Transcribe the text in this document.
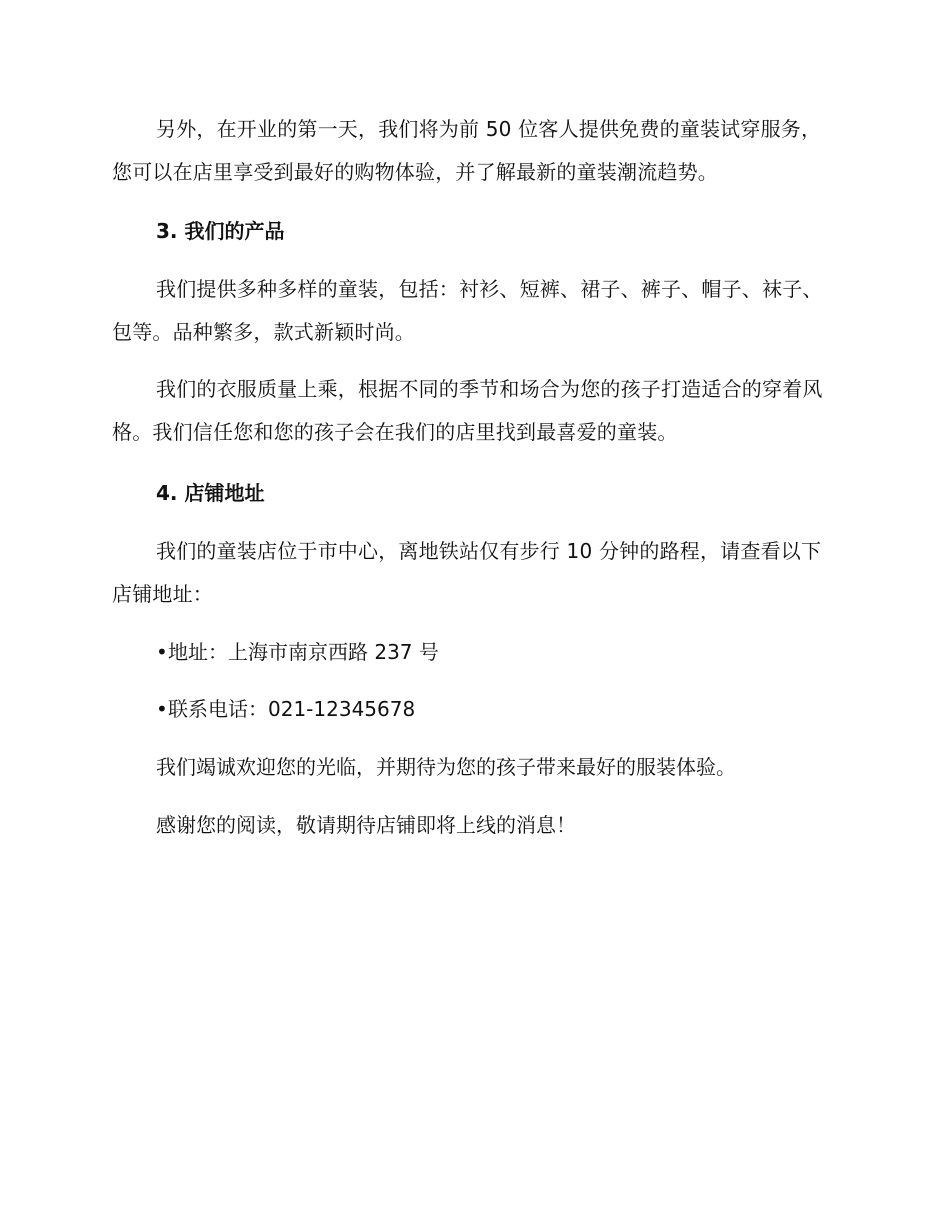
另外，在开业的第一天，我们将为前 50 位客人提供免费的童装试穿服务，您可以在店里享受到最好的购物体验，并了解最新的童装潮流趋势。

3. 我们的产品

我们提供多种多样的童装，包括：衬衫、短裤、裙子、裤子、帽子、袜子、包等。品种繁多，款式新颖时尚。

我们的衣服质量上乘，根据不同的季节和场合为您的孩子打造适合的穿着风格。我们信任您和您的孩子会在我们的店里找到最喜爱的童装。

4. 店铺地址

我们的童装店位于市中心，离地铁站仅有步行 10 分钟的路程，请查看以下店铺地址：

•地址：上海市南京西路 237 号
•联系电话：021-12345678
我们竭诚欢迎您的光临，并期待为您的孩子带来最好的服装体验。
感谢您的阅读，敬请期待店铺即将上线的消息！
